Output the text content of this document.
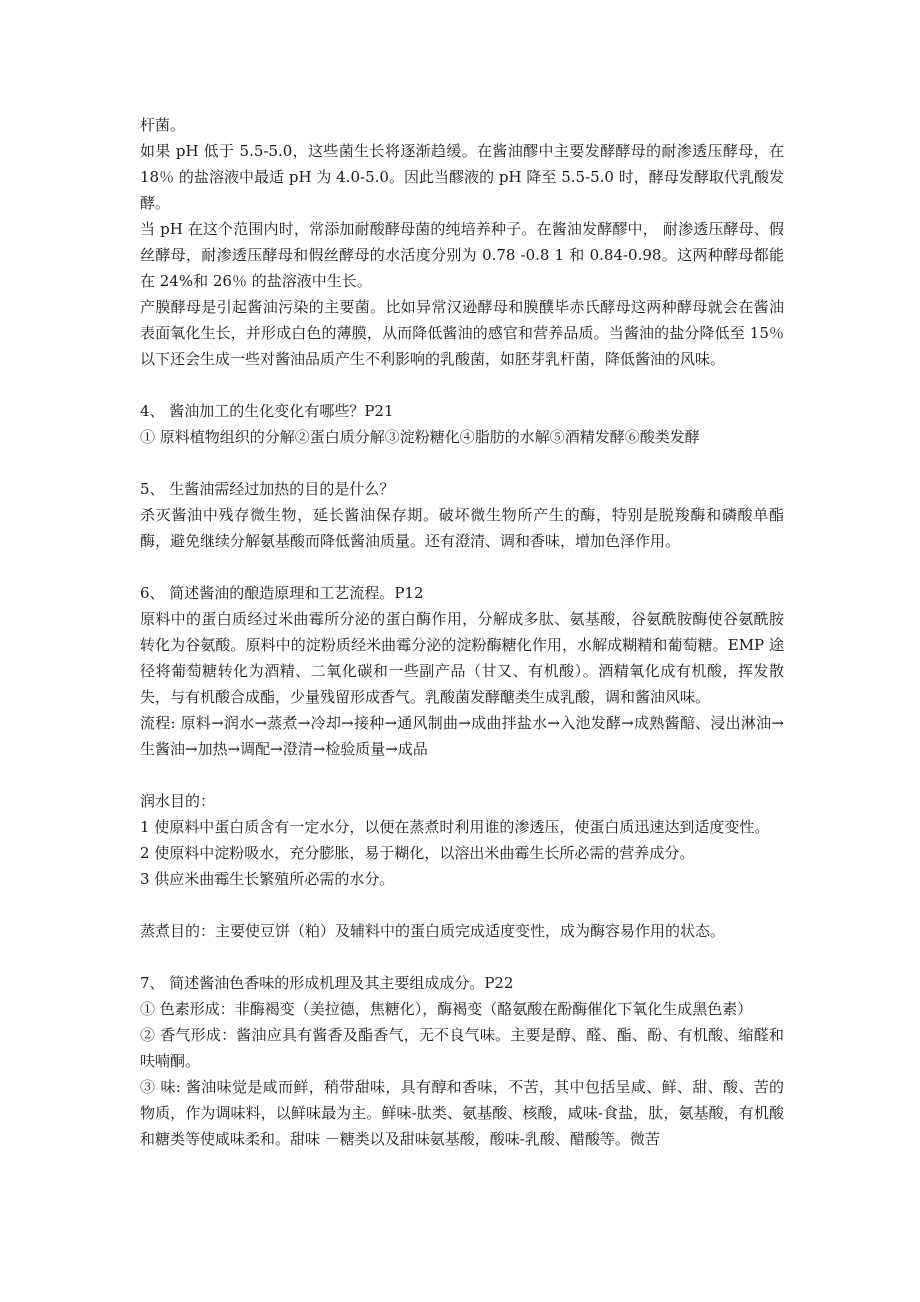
杆菌。

如果 pH 低于 5.5-5.0，这些菌生长将逐渐趋缓。在酱油醪中主要发酵酵母的耐渗透压酵母，在 18％ 的盐溶液中最适 pH 为 4.0-5.0。因此当醪液的 pH 降至 5.5-5.0 时，酵母发酵取代乳酸发酵。

当 pH 在这个范围内时，常添加耐酸酵母菌的纯培养种子。在酱油发酵醪中， 耐渗透压酵母、假丝酵母，耐渗透压酵母和假丝酵母的水活度分别为 0.78 -0.8 1 和 0.84-0.98。这两种酵母都能在 24%和 26％ 的盐溶液中生长。

产膜酵母是引起酱油污染的主要菌。比如异常汉逊酵母和膜醭毕赤氏酵母这两种酵母就会在酱油表面氧化生长，并形成白色的薄膜，从而降低酱油的感官和营养品质。当酱油的盐分降低至 15％ 以下还会生成一些对酱油品质产生不利影响的乳酸菌，如胚芽乳杆菌，降低酱油的风味。

4、 酱油加工的生化变化有哪些？P21

① 原料植物组织的分解②蛋白质分解③淀粉糖化④脂肪的水解⑤酒精发酵⑥酸类发酵

5、 生酱油需经过加热的目的是什么？

杀灭酱油中残存微生物，延长酱油保存期。破坏微生物所产生的酶，特别是脱羧酶和磷酸单酯酶，避免继续分解氨基酸而降低酱油质量。还有澄清、调和香味，增加色泽作用。

6、 简述酱油的酿造原理和工艺流程。P12

原料中的蛋白质经过米曲霉所分泌的蛋白酶作用，分解成多肽、氨基酸，谷氨酰胺酶使谷氨酰胺转化为谷氨酸。原料中的淀粉质经米曲霉分泌的淀粉酶糖化作用，水解成糊精和葡萄糖。EMP 途径将葡萄糖转化为酒精、二氧化碳和一些副产品（甘又、有机酸）。酒精氧化成有机酸，挥发散失，与有机酸合成酯，少量残留形成香气。乳酸菌发酵醣类生成乳酸，调和酱油风味。

流程: 原料→润水→蒸煮→冷却→接种→通风制曲→成曲拌盐水→入池发酵→成熟酱醅、浸出淋油→生酱油→加热→调配→澄清→检验质量→成品

润水目的：

1 使原料中蛋白质含有一定水分，以便在蒸煮时利用谁的渗透压，使蛋白质迅速达到适度变性。

2 使原料中淀粉吸水，充分膨胀，易于糊化，以溶出米曲霉生长所必需的营养成分。

3 供应米曲霉生长繁殖所必需的水分。

蒸煮目的：主要使豆饼（粕）及辅料中的蛋白质完成适度变性，成为酶容易作用的状态。

7、 简述酱油色香味的形成机理及其主要组成成分。P22

① 色素形成：非酶褐变（美拉德，焦糖化），酶褐变（酪氨酸在酚酶催化下氧化生成黑色素）

② 香气形成：酱油应具有酱香及酯香气，无不良气味。主要是醇、醛、酯、酚、有机酸、缩醛和呋喃酮。

③ 味: 酱油味觉是咸而鲜，稍带甜味，具有醇和香味，不苦，其中包括呈咸、鲜、甜、酸、苦的物质，作为调味料，以鲜味最为主。鲜味-肽类、氨基酸、核酸，咸味-食盐，肽，氨基酸，有机酸和糖类等使咸味柔和。甜味 －糖类以及甜味氨基酸，酸味-乳酸、醋酸等。微苦
